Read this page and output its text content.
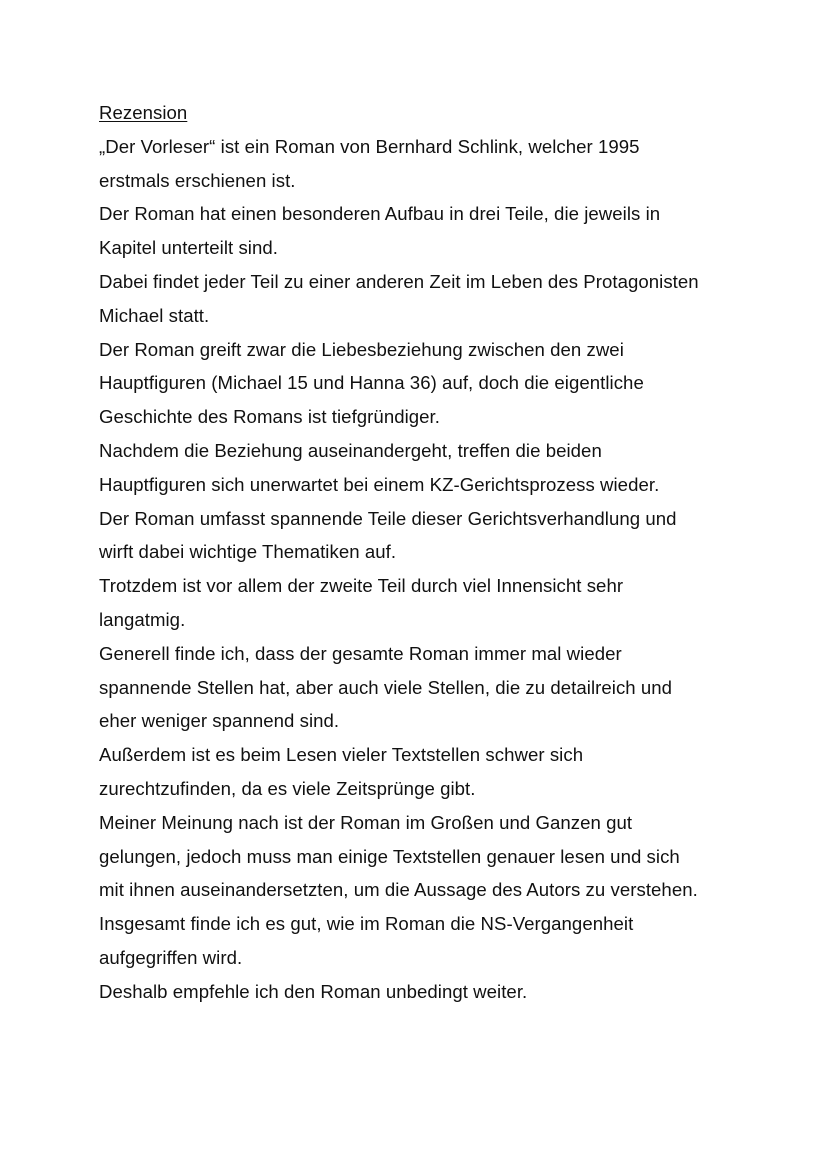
Rezension
„Der Vorleser“ ist ein Roman von Bernhard Schlink, welcher 1995
erstmals erschienen ist.
Der Roman hat einen besonderen Aufbau in drei Teile, die jeweils in
Kapitel unterteilt sind.
Dabei findet jeder Teil zu einer anderen Zeit im Leben des Protagonisten
Michael statt.
Der Roman greift zwar die Liebesbeziehung zwischen den zwei
Hauptfiguren (Michael 15 und Hanna 36) auf, doch die eigentliche
Geschichte des Romans ist tiefgründiger.
Nachdem die Beziehung auseinandergeht, treffen die beiden
Hauptfiguren sich unerwartet bei einem KZ-Gerichtsprozess wieder.
Der Roman umfasst spannende Teile dieser Gerichtsverhandlung und
wirft dabei wichtige Thematiken auf.
Trotzdem ist vor allem der zweite Teil durch viel Innensicht sehr
langatmig.
Generell finde ich, dass der gesamte Roman immer mal wieder
spannende Stellen hat, aber auch viele Stellen, die zu detailreich und
eher weniger spannend sind.
Außerdem ist es beim Lesen vieler Textstellen schwer sich
zurechtzufinden, da es viele Zeitsprünge gibt.
Meiner Meinung nach ist der Roman im Großen und Ganzen gut
gelungen, jedoch muss man einige Textstellen genauer lesen und sich
mit ihnen auseinandersetzten, um die Aussage des Autors zu verstehen.
Insgesamt finde ich es gut, wie im Roman die NS-Vergangenheit
aufgegriffen wird.
Deshalb empfehle ich den Roman unbedingt weiter.
